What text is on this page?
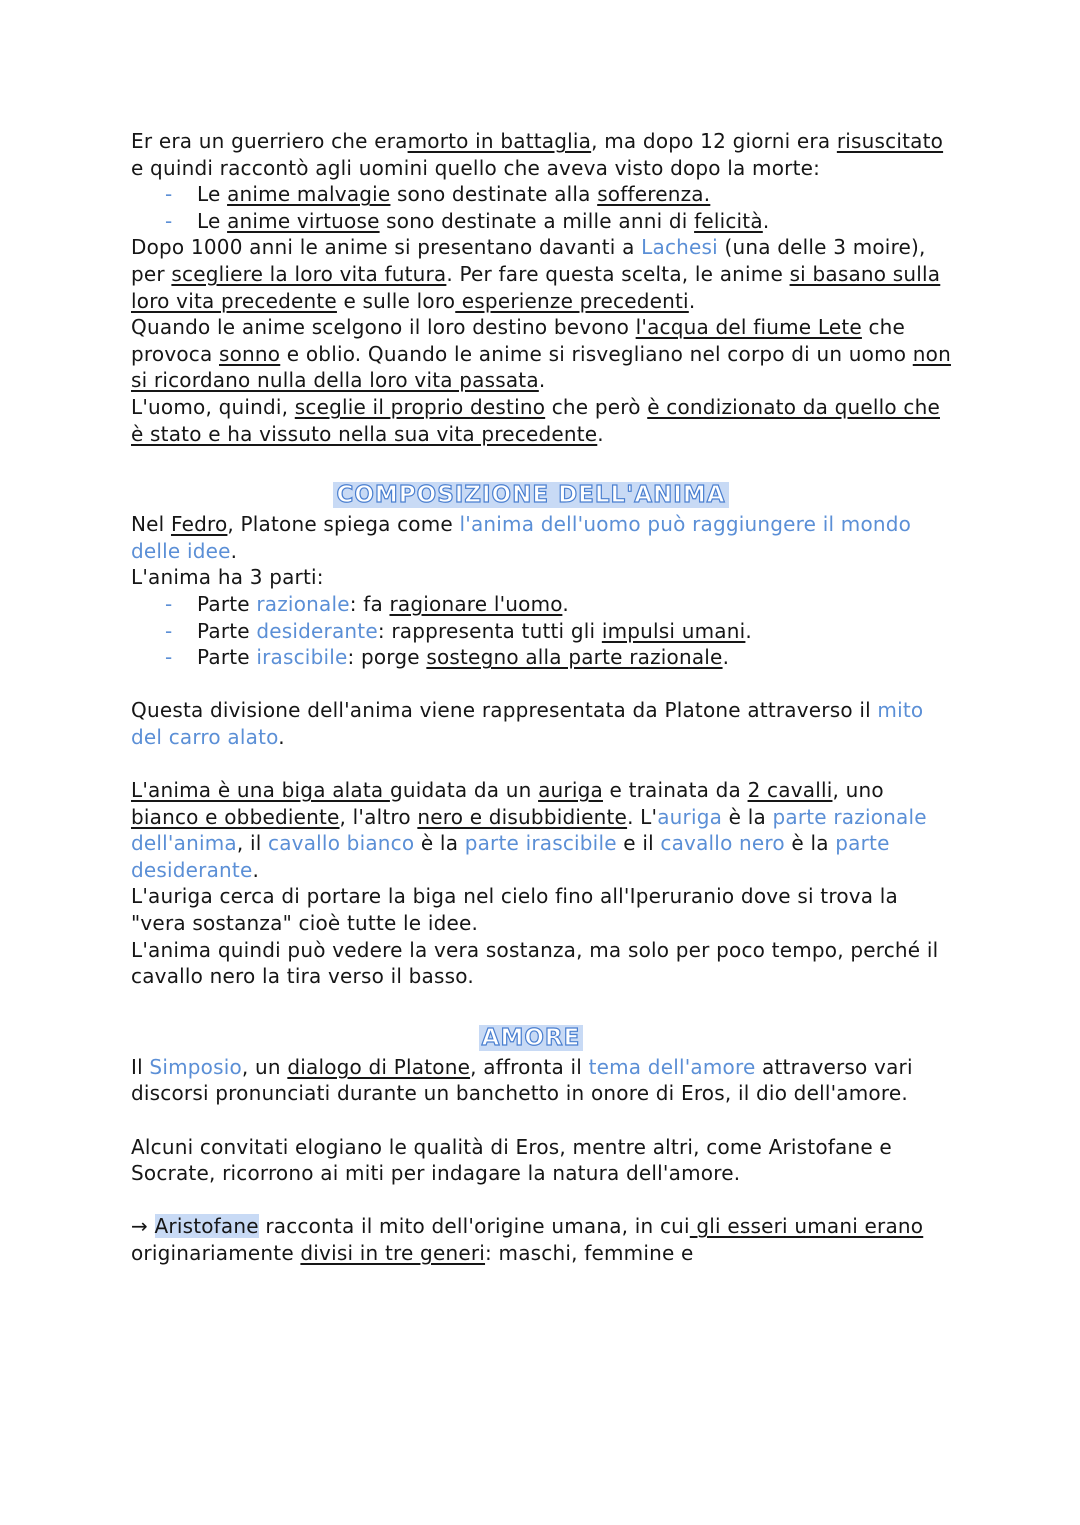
Er era un guerriero che eramorto in battaglia, ma dopo 12 giorni era risuscitato e quindi raccontò agli uomini quello che aveva visto dopo la morte:

- Le anime malvagie sono destinate alla sofferenza.
- Le anime virtuose sono destinate a mille anni di felicità.

Dopo 1000 anni le anime si presentano davanti a Lachesi (una delle 3 moire), per scegliere la loro vita futura. Per fare questa scelta, le anime si basano sulla loro vita precedente e sulle loro esperienze precedenti.

Quando le anime scelgono il loro destino bevono l'acqua del fiume Lete che provoca sonno e oblio. Quando le anime si risvegliano nel corpo di un uomo non si ricordano nulla della loro vita passata.

L'uomo, quindi, sceglie il proprio destino che però è condizionato da quello che è stato e ha vissuto nella sua vita precedente.

COMPOSIZIONE DELL'ANIMA

Nel Fedro, Platone spiega come l'anima dell'uomo può raggiungere il mondo delle idee.

L'anima ha 3 parti:

- Parte razionale: fa ragionare l'uomo.
- Parte desiderante: rappresenta tutti gli impulsi umani.
- Parte irascibile: porge sostegno alla parte razionale.

Questa divisione dell'anima viene rappresentata da Platone attraverso il mito del carro alato.

L'anima è una biga alata guidata da un auriga e trainata da 2 cavalli, uno bianco e obbediente, l'altro nero e disubbidiente. L'auriga è la parte razionale dell'anima, il cavallo bianco è la parte irascibile e il cavallo nero è la parte desiderante.

L'auriga cerca di portare la biga nel cielo fino all'Iperuranio dove si trova la "vera sostanza" cioè tutte le idee.

L'anima quindi può vedere la vera sostanza, ma solo per poco tempo, perché il cavallo nero la tira verso il basso.

AMORE

Il Simposio, un dialogo di Platone, affronta il tema dell'amore attraverso vari discorsi pronunciati durante un banchetto in onore di Eros, il dio dell'amore.

Alcuni convitati elogiano le qualità di Eros, mentre altri, come Aristofane e Socrate, ricorrono ai miti per indagare la natura dell'amore.

→ Aristofane racconta il mito dell'origine umana, in cui gli esseri umani erano originariamente divisi in tre generi: maschi, femmine e
